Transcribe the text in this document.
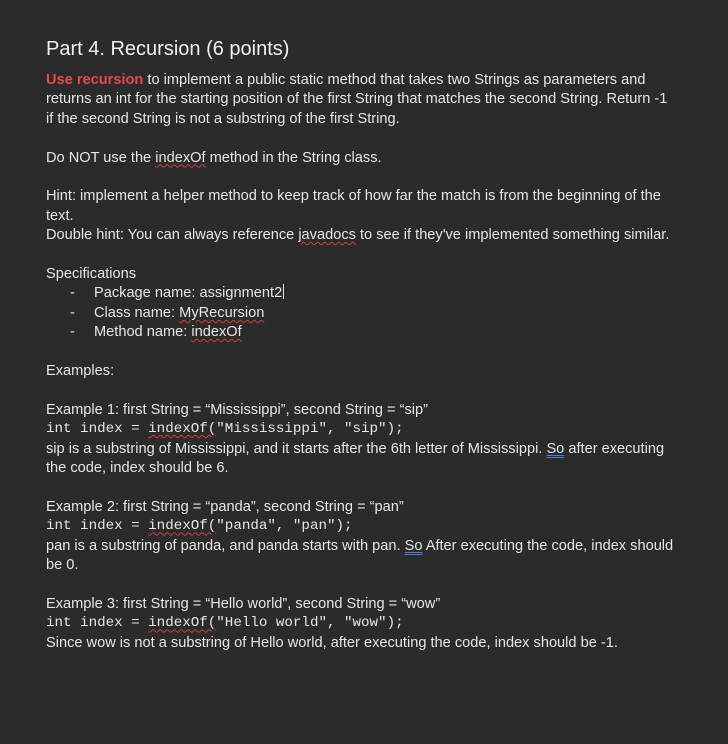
Part 4. Recursion (6 points)

Use recursion to implement a public static method that takes two Strings as parameters and returns an int for the starting position of the first String that matches the second String. Return -1 if the second String is not a substring of the first String.

Do NOT use the indexOf method in the String class.

Hint: implement a helper method to keep track of how far the match is from the beginning of the text.

Double hint: You can always reference javadocs to see if they've implemented something similar.

Specifications

- Package name: assignment2
- Class name: MyRecursion
- Method name: indexOf

Examples:

Example 1: first String = “Mississippi”, second String = “sip”

int index = indexOf("Mississippi", "sip");

sip is a substring of Mississippi, and it starts after the 6th letter of Mississippi. So after executing the code, index should be 6.

Example 2: first String = “panda”, second String = “pan”

int index = indexOf("panda", "pan");

pan is a substring of panda, and panda starts with pan. So After executing the code, index should be 0.

Example 3: first String = “Hello world”, second String = “wow”

int index = indexOf("Hello world", "wow");

Since wow is not a substring of Hello world, after executing the code, index should be -1.
